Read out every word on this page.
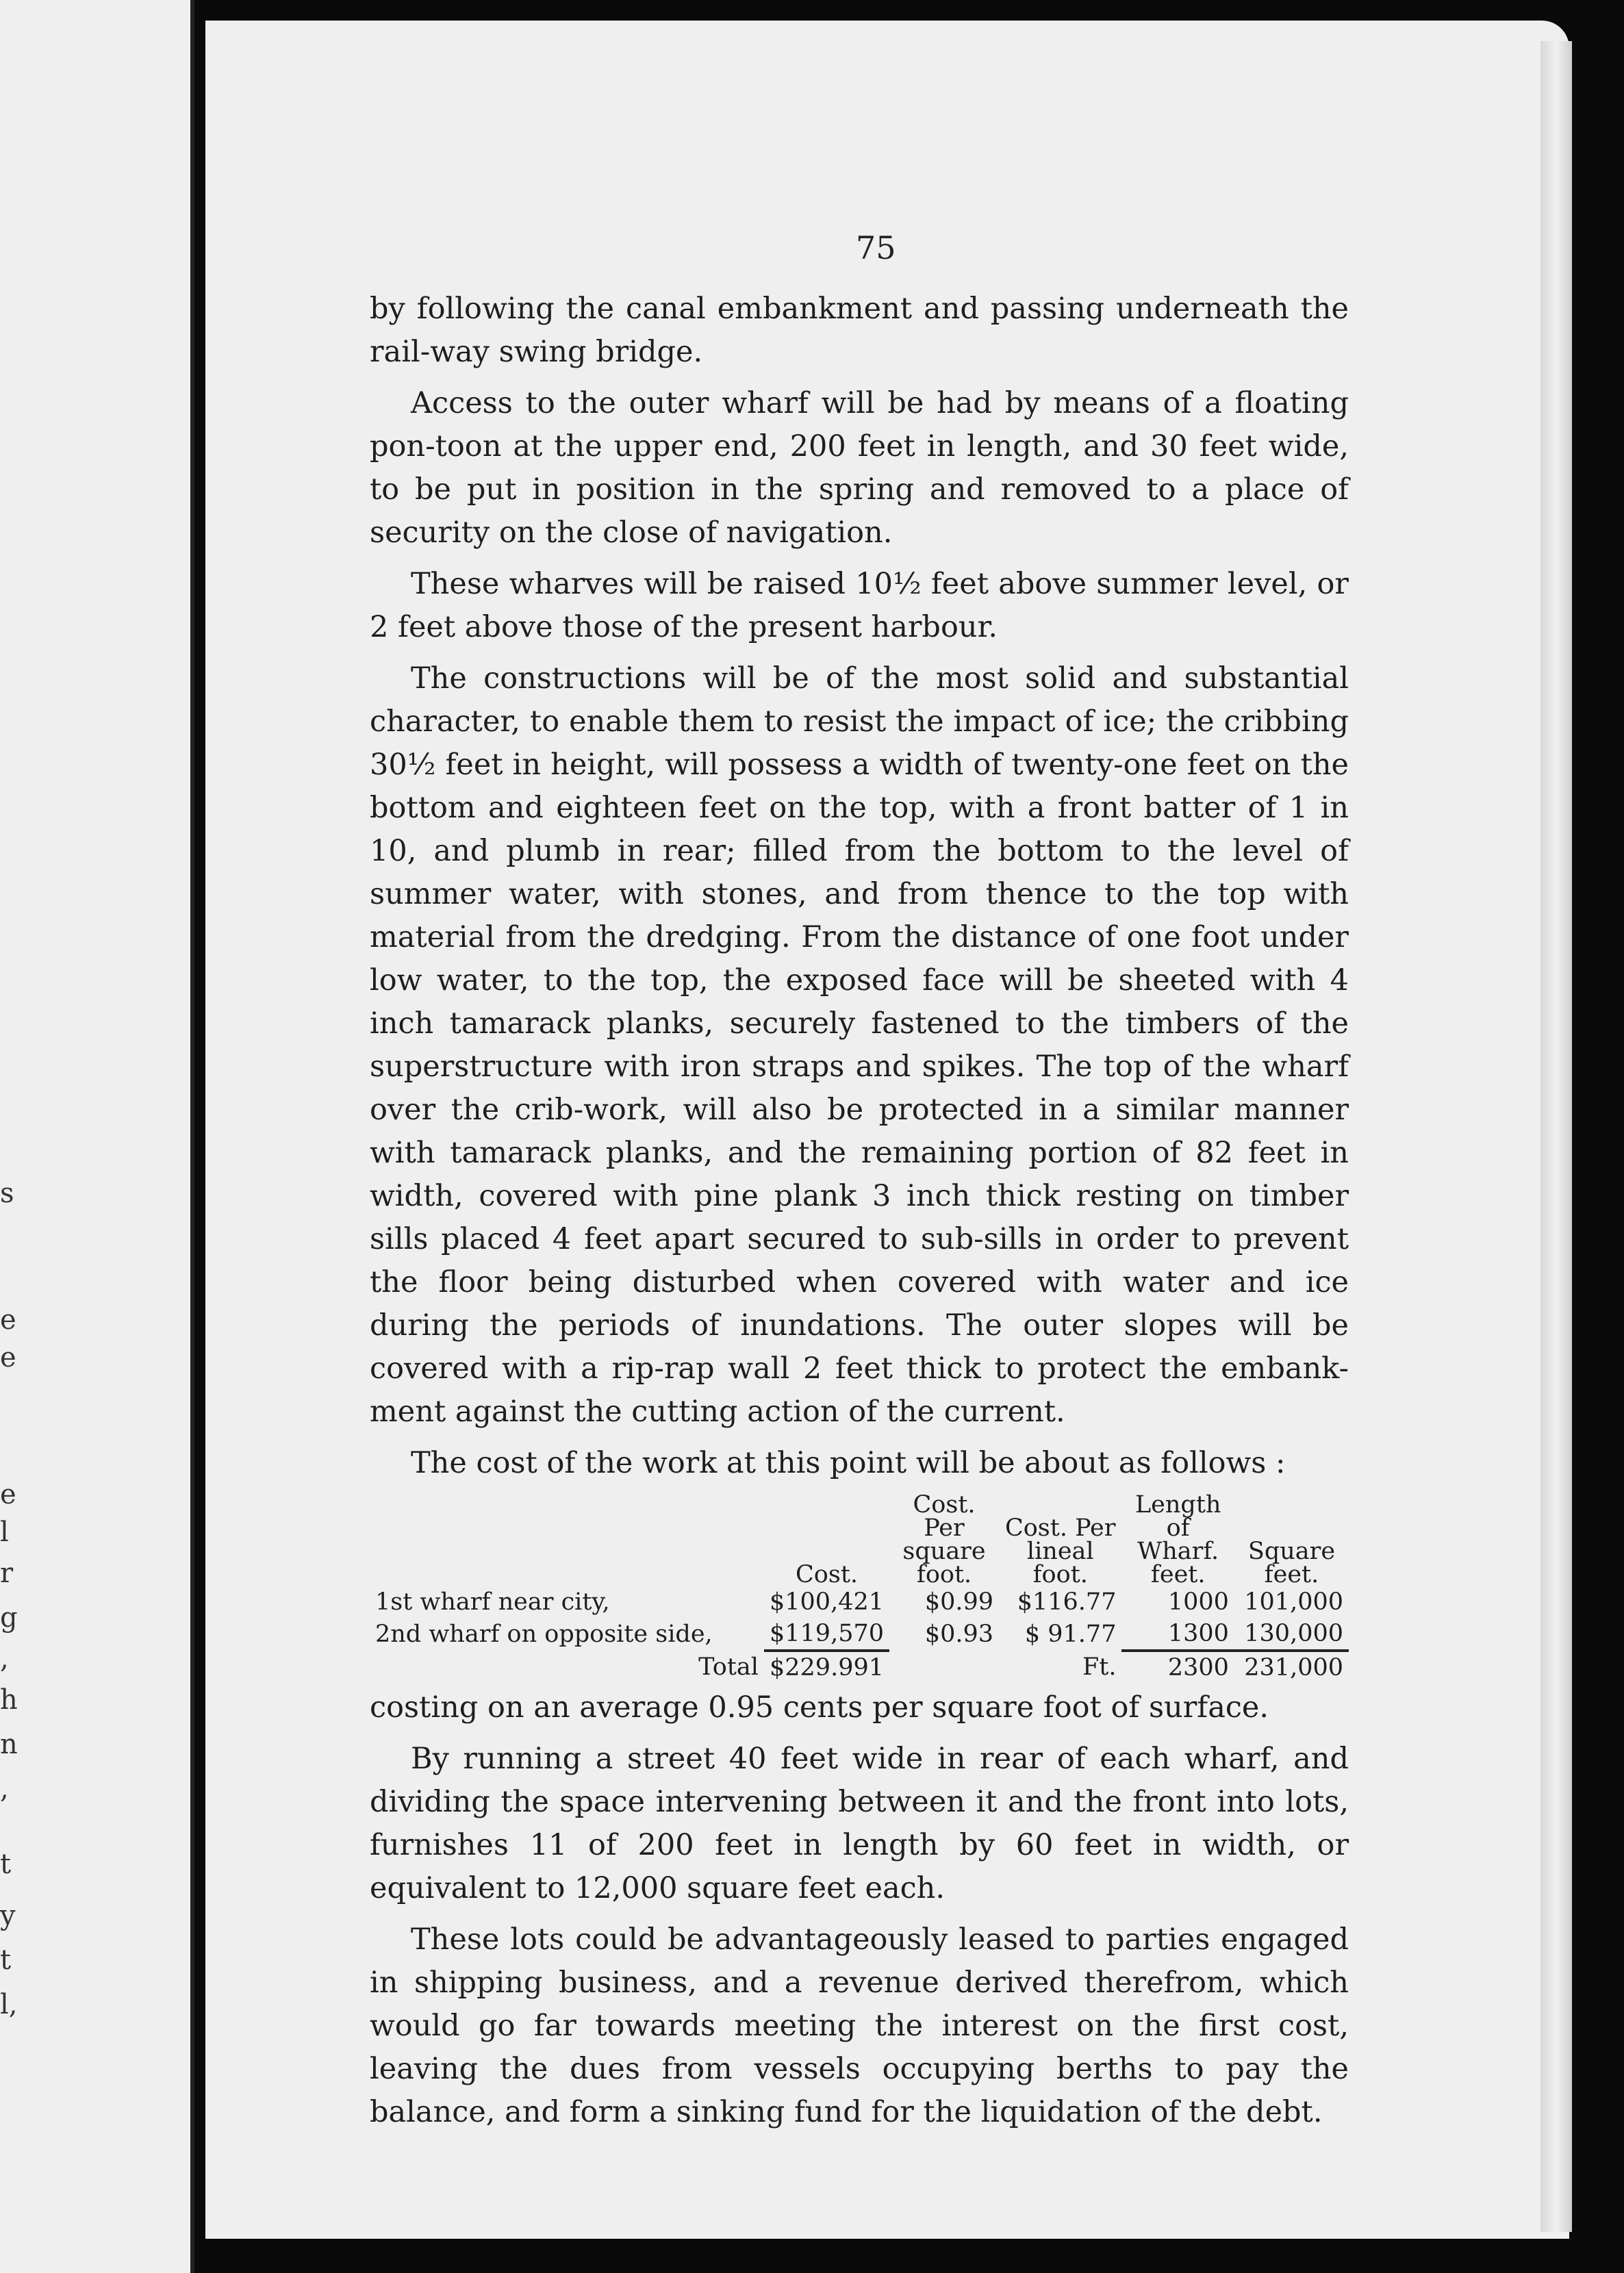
s
e
e
e
l
r
g
,
h
n
,
t
y
t
l,
75

by following the canal embankment and passing underneath the rail-way swing bridge.

Access to the outer wharf will be had by means of a floating pon-toon at the upper end, 200 feet in length, and 30 feet wide, to be put in position in the spring and removed to a place of security on the close of navigation.

These wharves will be raised 10½ feet above summer level, or 2 feet above those of the present harbour.

The constructions will be of the most solid and substantial character, to enable them to resist the impact of ice; the cribbing 30½ feet in height, will possess a width of twenty-one feet on the bottom and eighteen feet on the top, with a front batter of 1 in 10, and plumb in rear; filled from the bottom to the level of summer water, with stones, and from thence to the top with material from the dredging. From the distance of one foot under low water, to the top, the exposed face will be sheeted with 4 inch tamarack planks, securely fastened to the timbers of the superstructure with iron straps and spikes. The top of the wharf over the crib-work, will also be protected in a similar manner with tamarack planks, and the remaining portion of 82 feet in width, covered with pine plank 3 inch thick resting on timber sills placed 4 feet apart secured to sub-sills in order to prevent the floor being disturbed when covered with water and ice during the periods of inundations. The outer slopes will be covered with a rip-rap wall 2 feet thick to protect the embank-ment against the cutting action of the current.

The cost of the work at this point will be about as follows :

	Cost.	Cost. Per square foot.	Cost. Per lineal foot.	Length of Wharf. feet.	Square feet.
1st wharf near city,	$100,421	$0.99	$116.77	1000	101,000
2nd wharf on opposite side,	$119,570	$0.93	$ 91.77	1300	130,000
Total	$229.991		Ft.	2300	231,000

costing on an average 0.95 cents per square foot of surface.

By running a street 40 feet wide in rear of each wharf, and dividing the space intervening between it and the front into lots, furnishes 11 of 200 feet in length by 60 feet in width, or equivalent to 12,000 square feet each.

These lots could be advantageously leased to parties engaged in shipping business, and a revenue derived therefrom, which would go far towards meeting the interest on the first cost, leaving the dues from vessels occupying berths to pay the balance, and form a sinking fund for the liquidation of the debt.
